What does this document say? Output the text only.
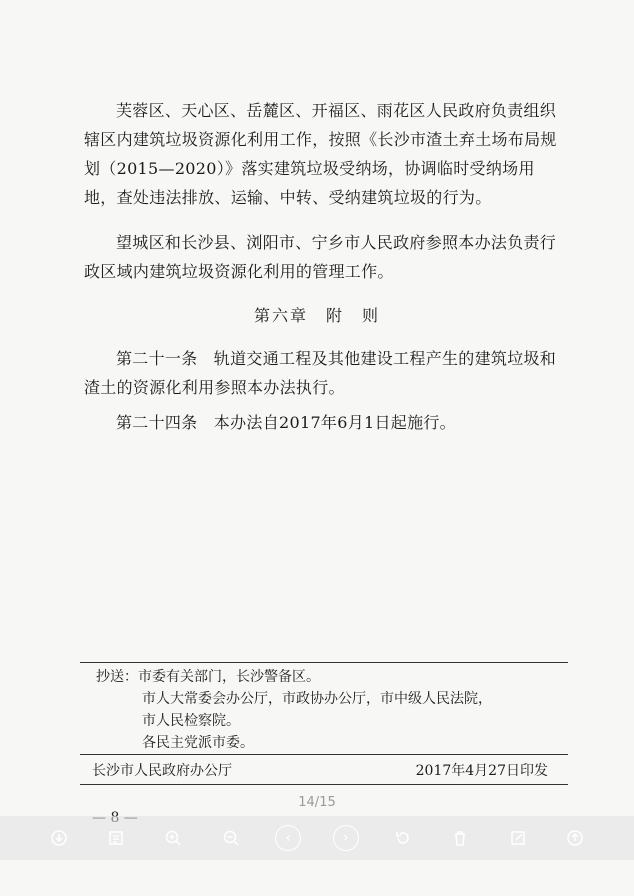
芙蓉区、天心区、岳麓区、开福区、雨花区人民政府负责组织辖区内建筑垃圾资源化利用工作，按照《长沙市渣土弃土场布局规划（2015—2020）》落实建筑垃圾受纳场，协调临时受纳场用地，查处违法排放、运输、中转、受纳建筑垃圾的行为。

望城区和长沙县、浏阳市、宁乡市人民政府参照本办法负责行政区域内建筑垃圾资源化利用的管理工作。

第六章　附　则

第二十一条　轨道交通工程及其他建设工程产生的建筑垃圾和渣土的资源化利用参照本办法执行。

第二十四条　本办法自2017年6月1日起施行。

抄送：市委有关部门，长沙警备区。
市人大常委会办公厅，市政协办公厅，市中级人民法院，
市人民检察院。
各民主党派市委。
长沙市人民政府办公厅	2017年4月27日印发
14/15
‹	›
